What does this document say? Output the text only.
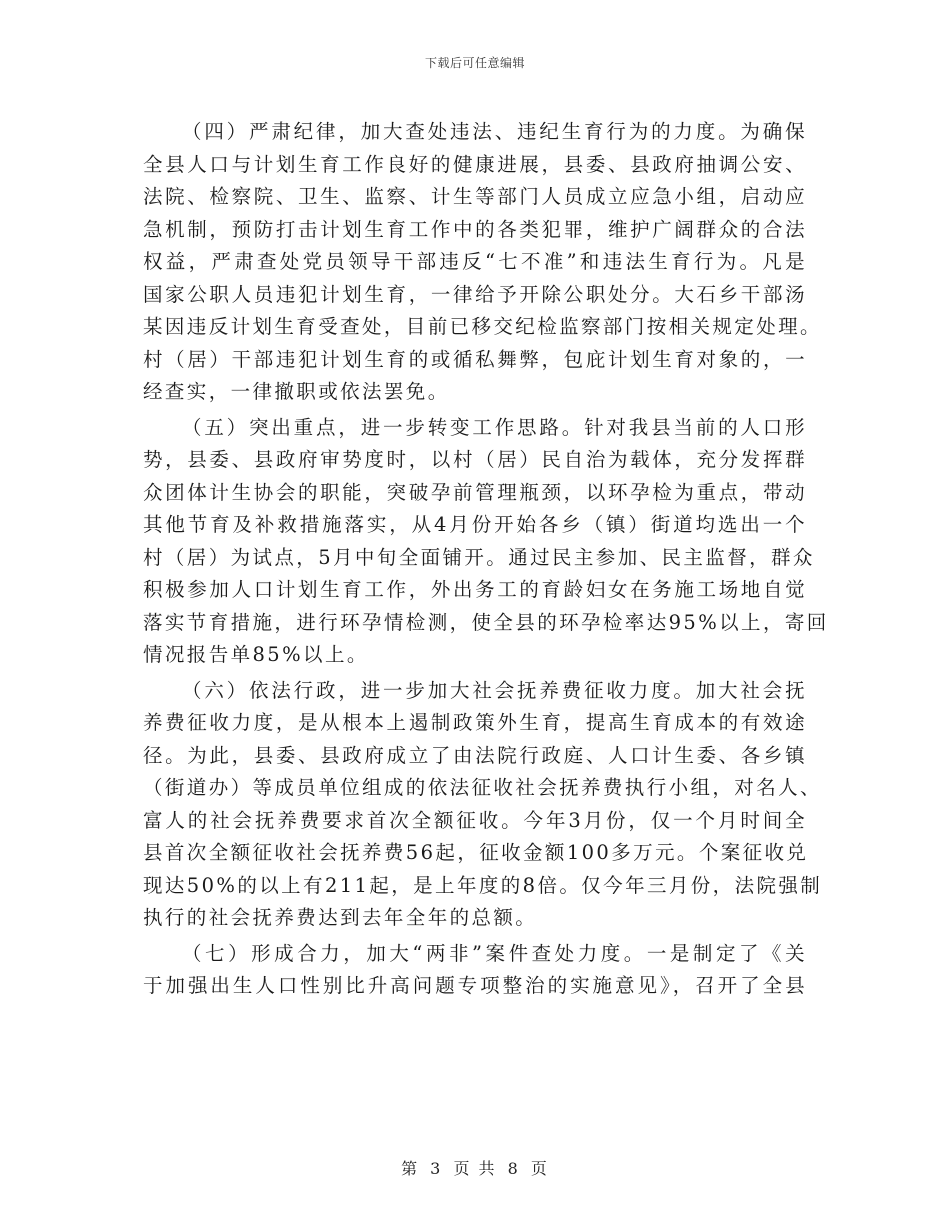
下载后可任意编辑

（四）严肃纪律，加大查处违法、违纪生育行为的力度。为确保
全县人口与计划生育工作良好的健康进展，县委、县政府抽调公安、
法院、检察院、卫生、监察、计生等部门人员成立应急小组，启动应
急机制，预防打击计划生育工作中的各类犯罪，维护广阔群众的合法
权益，严肃查处党员领导干部违反“七不准”和违法生育行为。凡是
国家公职人员违犯计划生育，一律给予开除公职处分。大石乡干部汤
某因违反计划生育受查处，目前已移交纪检监察部门按相关规定处理。
村（居）干部违犯计划生育的或循私舞弊，包庇计划生育对象的，一
经查实，一律撤职或依法罢免。

（五）突出重点，进一步转变工作思路。针对我县当前的人口形
势，县委、县政府审势度时，以村（居）民自治为载体，充分发挥群
众团体计生协会的职能，突破孕前管理瓶颈，以环孕检为重点，带动
其他节育及补救措施落实，从4月份开始各乡（镇）街道均选出一个
村（居）为试点，5月中旬全面铺开。通过民主参加、民主监督，群众
积极参加人口计划生育工作，外出务工的育龄妇女在务施工场地自觉
落实节育措施，进行环孕情检测，使全县的环孕检率达95%以上，寄回
情况报告单85%以上。

（六）依法行政，进一步加大社会抚养费征收力度。加大社会抚
养费征收力度，是从根本上遏制政策外生育，提高生育成本的有效途
径。为此，县委、县政府成立了由法院行政庭、人口计生委、各乡镇
（街道办）等成员单位组成的依法征收社会抚养费执行小组，对名人、
富人的社会抚养费要求首次全额征收。今年3月份，仅一个月时间全
县首次全额征收社会抚养费56起，征收金额100多万元。个案征收兑
现达50%的以上有211起，是上年度的8倍。仅今年三月份，法院强制
执行的社会抚养费达到去年全年的总额。

（七）形成合力，加大“两非”案件查处力度。一是制定了《关
于加强出生人口性别比升高问题专项整治的实施意见》，召开了全县

第 3 页 共 8 页
